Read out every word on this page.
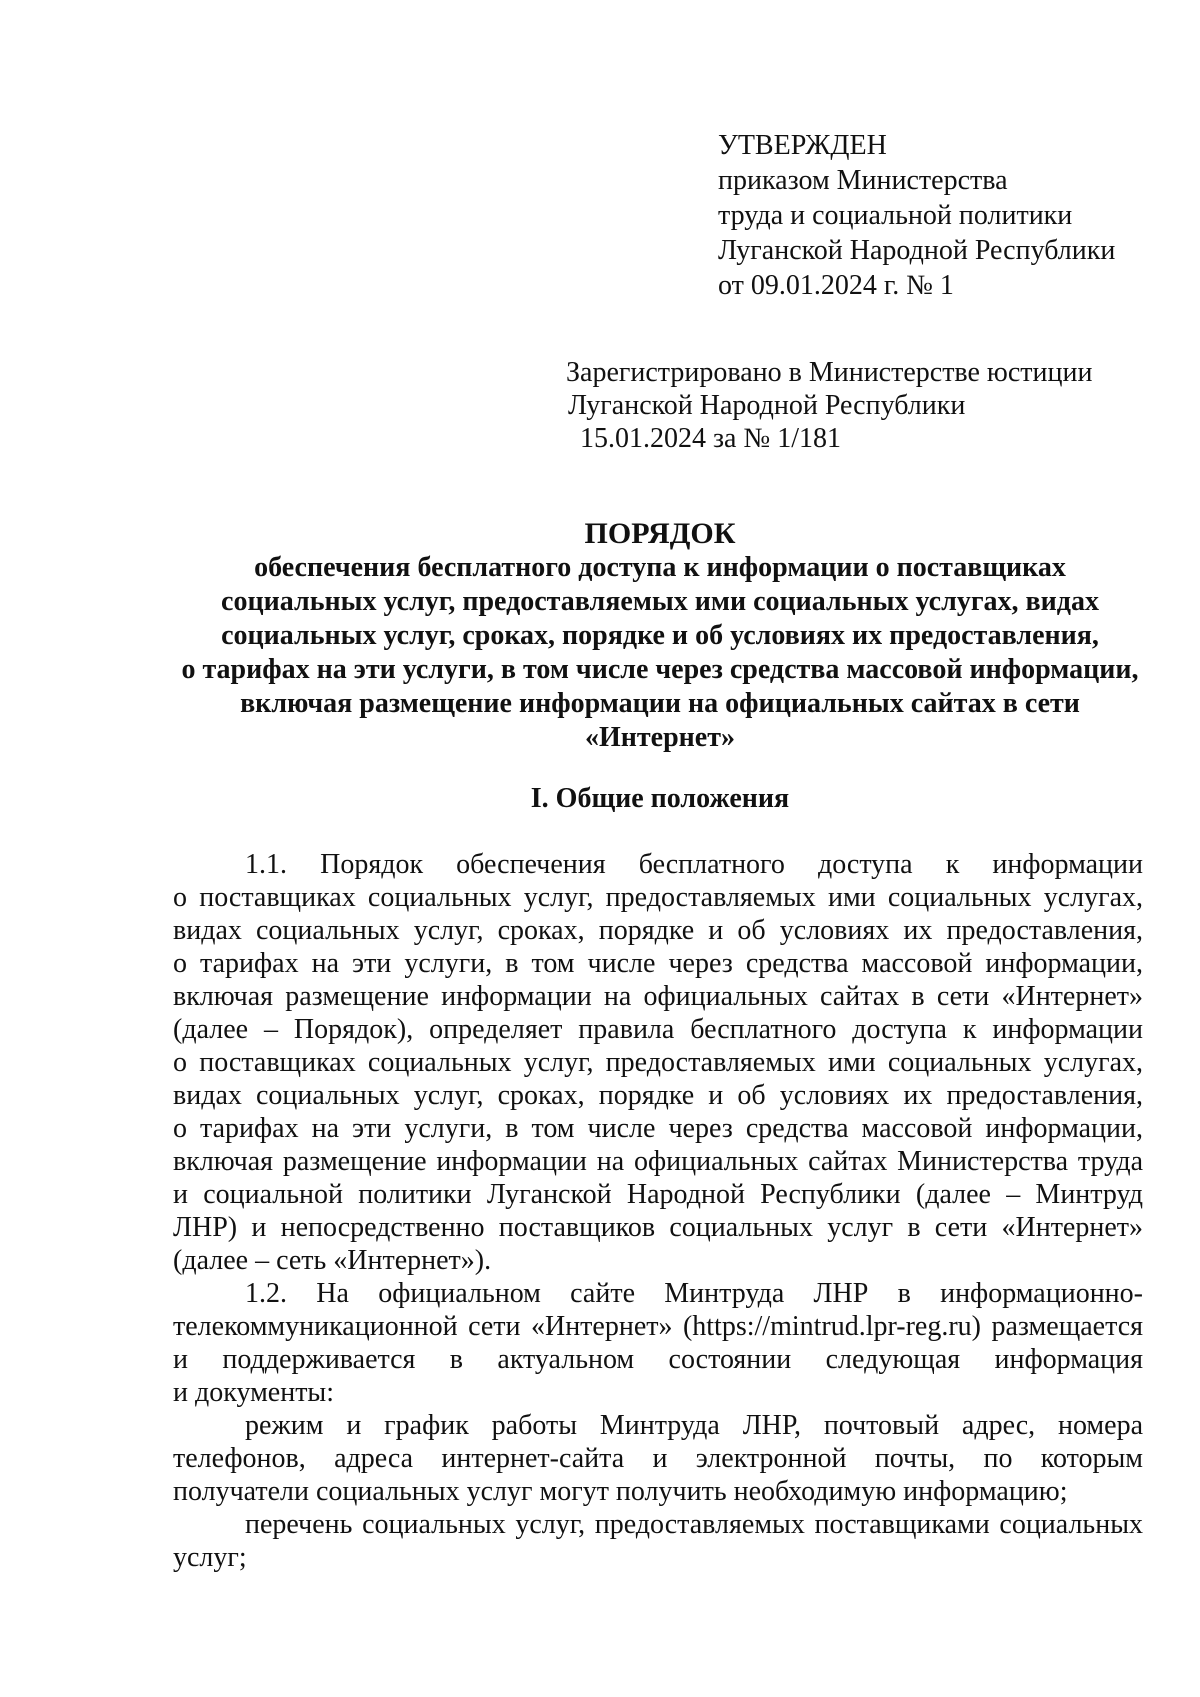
УТВЕРЖДЕН
приказом Министерства
труда и социальной политики
Луганской Народной Республики
от 09.01.2024 г. № 1
Зарегистрировано в Министерстве юстиции
Луганской Народной Республики
15.01.2024 за № 1/181
ПОРЯДОК
обеспечения бесплатного доступа к информации о поставщиках
социальных услуг, предоставляемых ими социальных услугах, видах
социальных услуг, сроках, порядке и об условиях их предоставления,
о тарифах на эти услуги, в том числе через средства массовой информации,
включая размещение информации на официальных сайтах в сети
«Интернет»
I. Общие положения
1.1. Порядок обеспечения бесплатного доступа к информации
о поставщиках социальных услуг, предоставляемых ими социальных услугах,
видах социальных услуг, сроках, порядке и об условиях их предоставления,
о тарифах на эти услуги, в том числе через средства массовой информации,
включая размещение информации на официальных сайтах в сети «Интернет»
(далее – Порядок), определяет правила бесплатного доступа к информации
о поставщиках социальных услуг, предоставляемых ими социальных услугах,
видах социальных услуг, сроках, порядке и об условиях их предоставления,
о тарифах на эти услуги, в том числе через средства массовой информации,
включая размещение информации на официальных сайтах Министерства труда
и социальной политики Луганской Народной Республики (далее – Минтруд
ЛНР) и непосредственно поставщиков социальных услуг в сети «Интернет»
(далее – сеть «Интернет»).
1.2. На официальном сайте Минтруда ЛНР в информационно-
телекоммуникационной сети «Интернет» (https://mintrud.lpr-reg.ru) размещается
и поддерживается в актуальном состоянии следующая информация
и документы:
режим и график работы Минтруда ЛНР, почтовый адрес, номера
телефонов, адреса интернет-сайта и электронной почты, по которым
получатели социальных услуг могут получить необходимую информацию;
перечень социальных услуг, предоставляемых поставщиками социальных
услуг;
